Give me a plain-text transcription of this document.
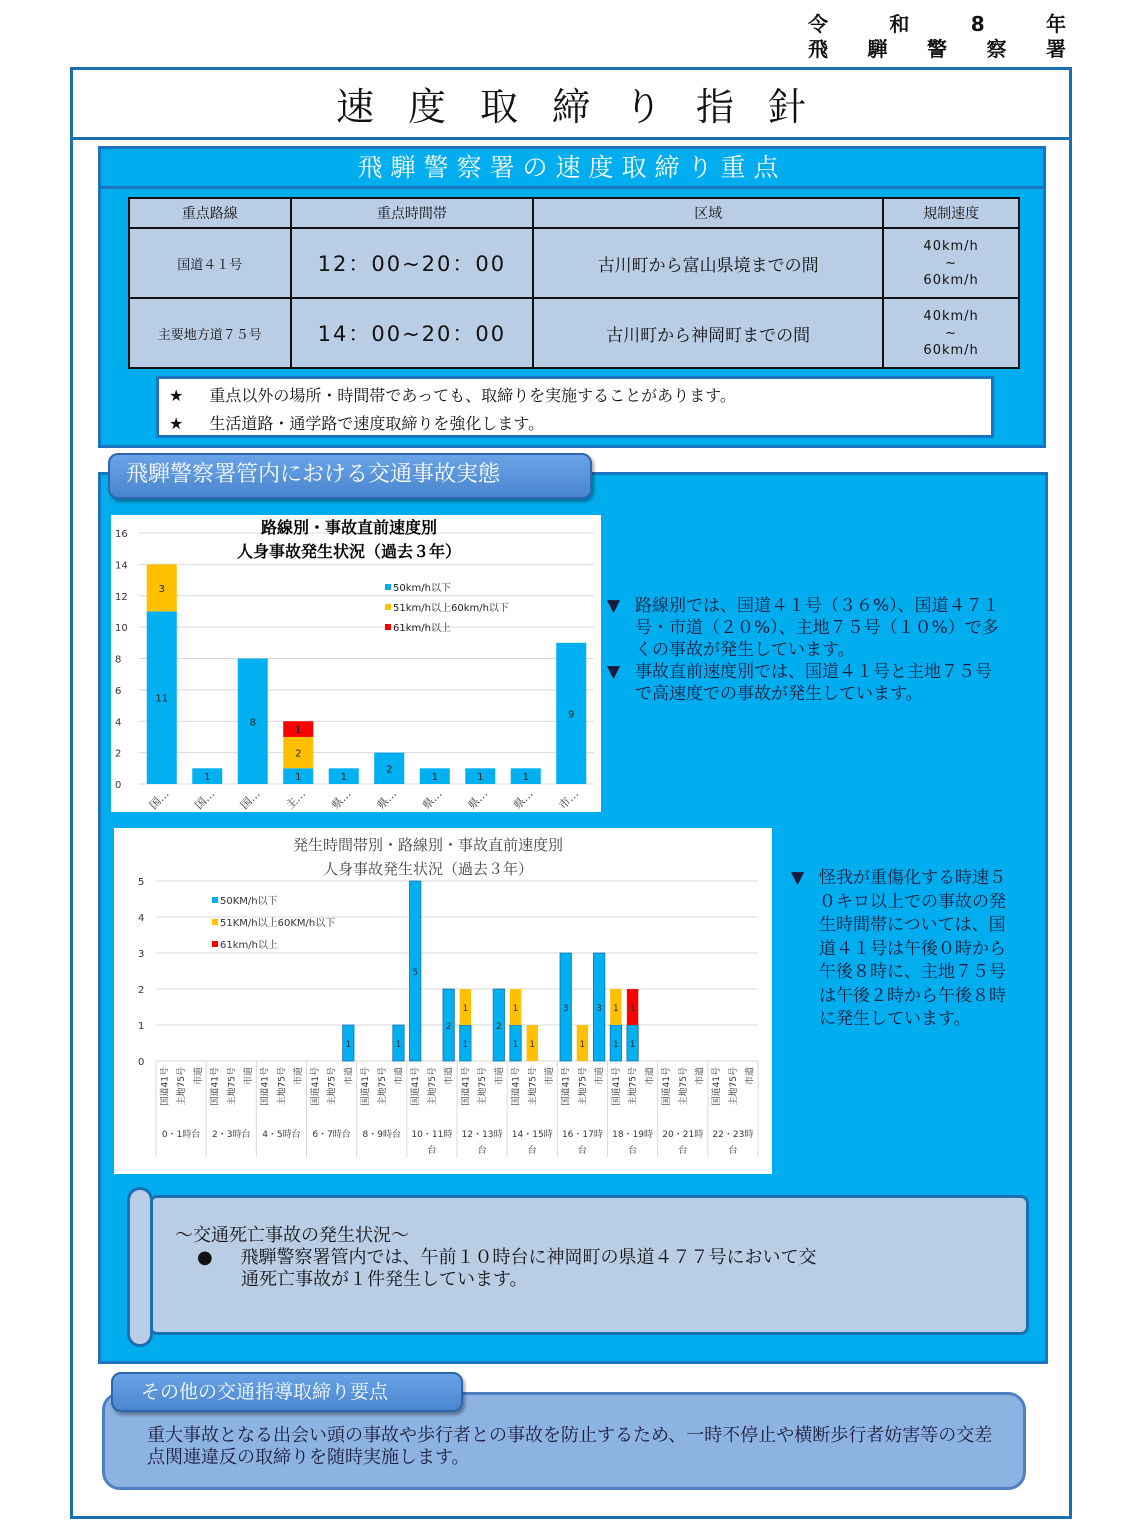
令	和	8	年
飛 騨 警 察 署
速度取締り指針
飛騨警察署の速度取締り重点
重点路線	重点時間帯	区域	規制速度
国道４１号	12：00~20：00	古川町から富山県境までの間	40km/h
~
60km/h

主要地方道７５号	14：00~20：00	古川町から神岡町までの間	40km/h
~
60km/h
★ 重点以外の場所・時間帯であっても、取締りを実施することがあります。
★ 生活道路・通学路で速度取締りを強化します。
0
2
4
6
8
10
12
14
16
11
3
国…
1
国…
8
国…
1
2
1
主…
1
県…
2
県…
1
県…
1
県…
1
県…
9
市…
路線別・事故直前速度別
人身事故発生状況（過去３年）
50km/h以下
51km/h以上60km/h以下
61km/h以上
▼ 路線別では、国道４１号（３６%）、国道４７１号・市道（２０%）、主地７５号（１０%）で多くの事故が発生しています。
▼ 事故直前速度別では、国道４１号と主地７５号で高速度での事故が発生しています。
0
1
2
3
4
5
国道41号 主地75号 市道
0・1時台
国道41号 主地75号 市道
2・3時台
国道41号 主地75号 市道
4・5時台
国道41号 主地75号
1
市道
6・7時台
国道41号 主地75号
1
市道
8・9時台
5
国道41号 主地75号
2
市道
10・11時
台
1
1
国道41号 主地75号
2
市道
12・13時
台
1
1
国道41号
1
主地75号 市道
14・15時
台
3
国道41号
1
主地75号
3
市道
16・17時
台
1
1
国道41号
1
1
主地75号 市道
18・19時
台
国道41号 主地75号 市道
20・21時
台
国道41号 主地75号 市道
22・23時
台
発生時間帯別・路線別・事故直前速度別
人身事故発生状況（過去３年）
50KM/h以下
51KM/h以上60KM/h以下
61km/h以上
▼ 怪我が重傷化する時速５０キロ以上での事故の発生時間帯については、国道４１号は午後０時から午後８時に、主地７５号は午後２時から午後８時に発生しています。
～交通死亡事故の発生状況～
● 飛騨警察署管内では、午前１０時台に神岡町の県道４７７号において交
通死亡事故が１件発生しています。
飛騨警察署管内における交通事故実態
重大事故となる出会い頭の事故や歩行者との事故を防止するため、一時不停止や横断歩行者妨害等の交差点関連違反の取締りを随時実施します。
その他の交通指導取締り要点
